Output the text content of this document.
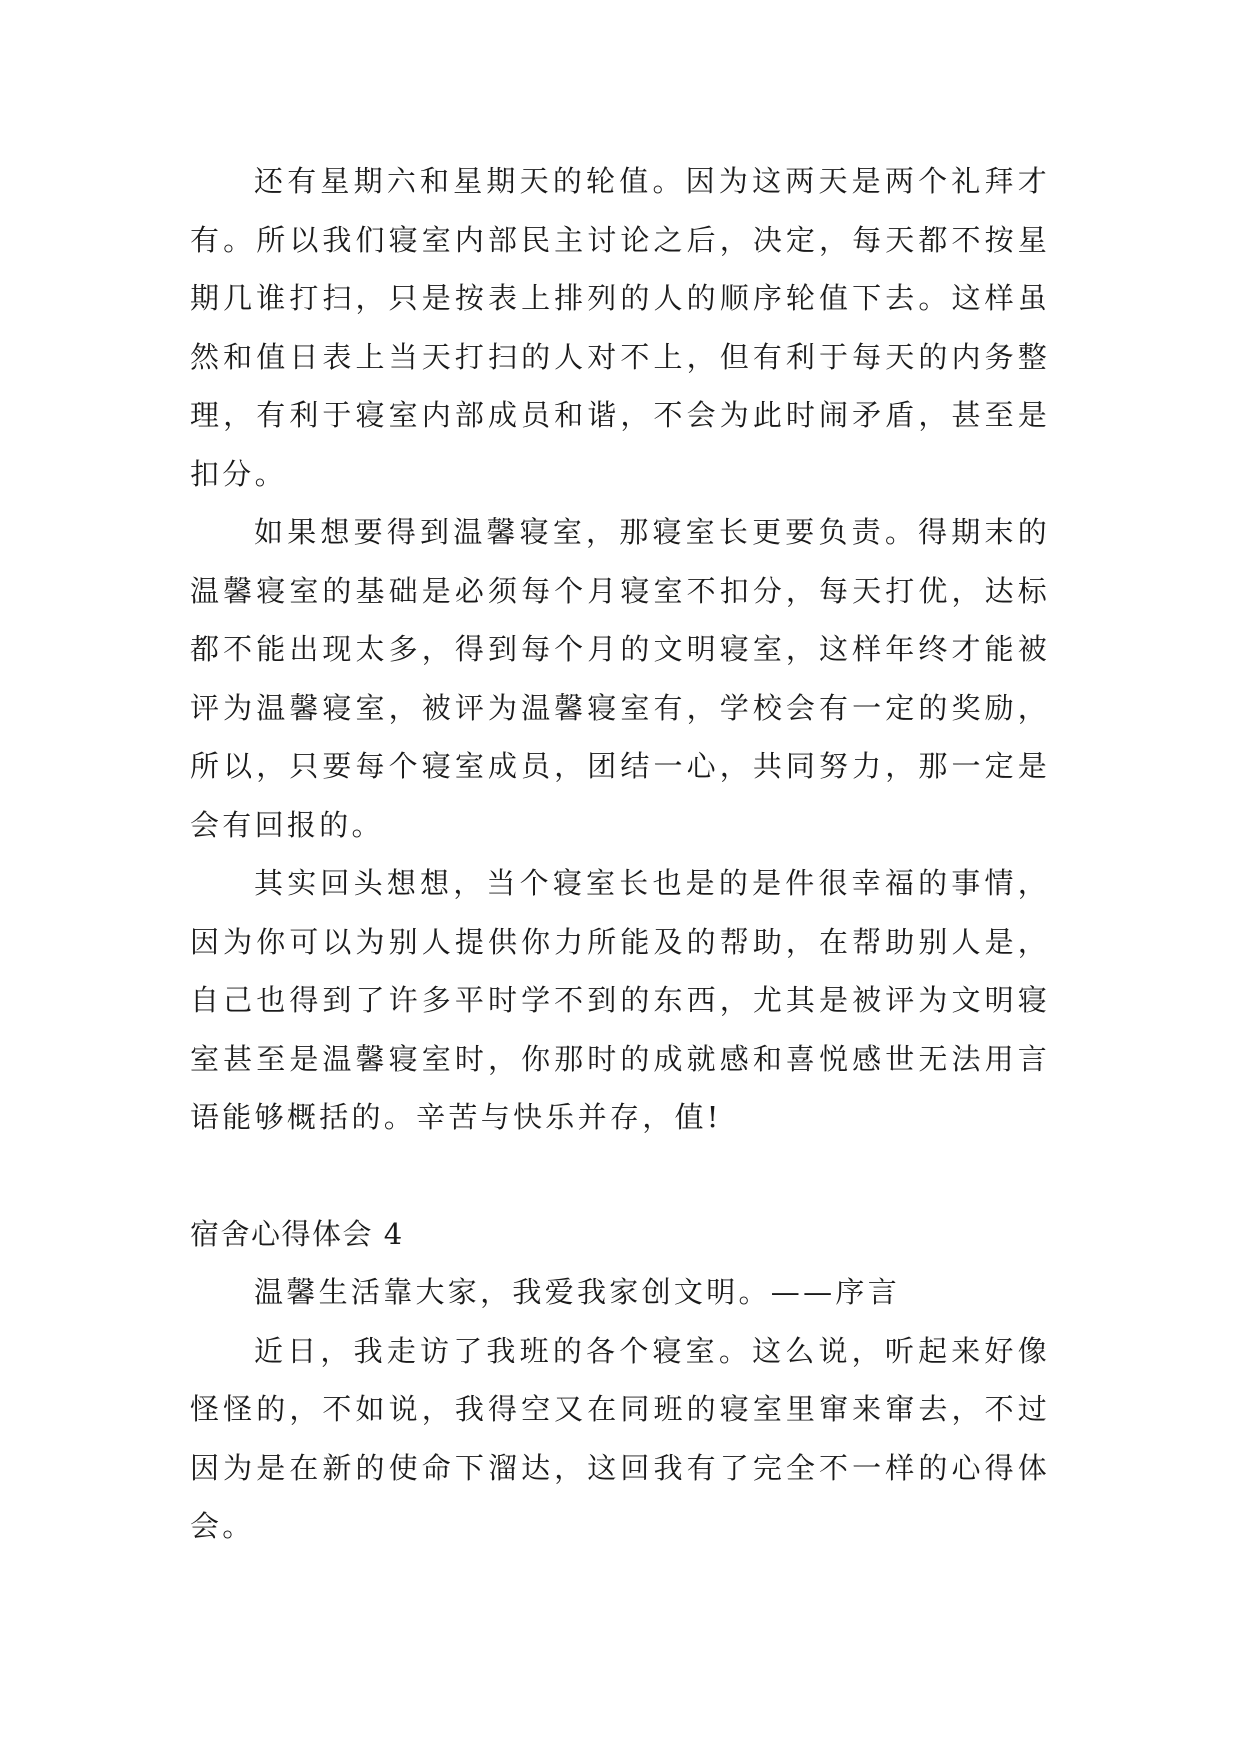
还有星期六和星期天的轮值。因为这两天是两个礼拜才有。所以我们寝室内部民主讨论之后，决定，每天都不按星期几谁打扫，只是按表上排列的人的顺序轮值下去。这样虽然和值日表上当天打扫的人对不上，但有利于每天的内务整理，有利于寝室内部成员和谐，不会为此时闹矛盾，甚至是扣分。

如果想要得到温馨寝室，那寝室长更要负责。得期末的温馨寝室的基础是必须每个月寝室不扣分，每天打优，达标都不能出现太多，得到每个月的文明寝室，这样年终才能被评为温馨寝室，被评为温馨寝室有，学校会有一定的奖励，所以，只要每个寝室成员，团结一心，共同努力，那一定是会有回报的。

其实回头想想，当个寝室长也是的是件很幸福的事情，因为你可以为别人提供你力所能及的帮助，在帮助别人是，自己也得到了许多平时学不到的东西，尤其是被评为文明寝室甚至是温馨寝室时，你那时的成就感和喜悦感世无法用言语能够概括的。辛苦与快乐并存，值!

宿舍心得体会 4

温馨生活靠大家，我爱我家创文明。——序言

近日，我走访了我班的各个寝室。这么说，听起来好像怪怪的，不如说，我得空又在同班的寝室里窜来窜去，不过因为是在新的使命下溜达，这回我有了完全不一样的心得体会。
